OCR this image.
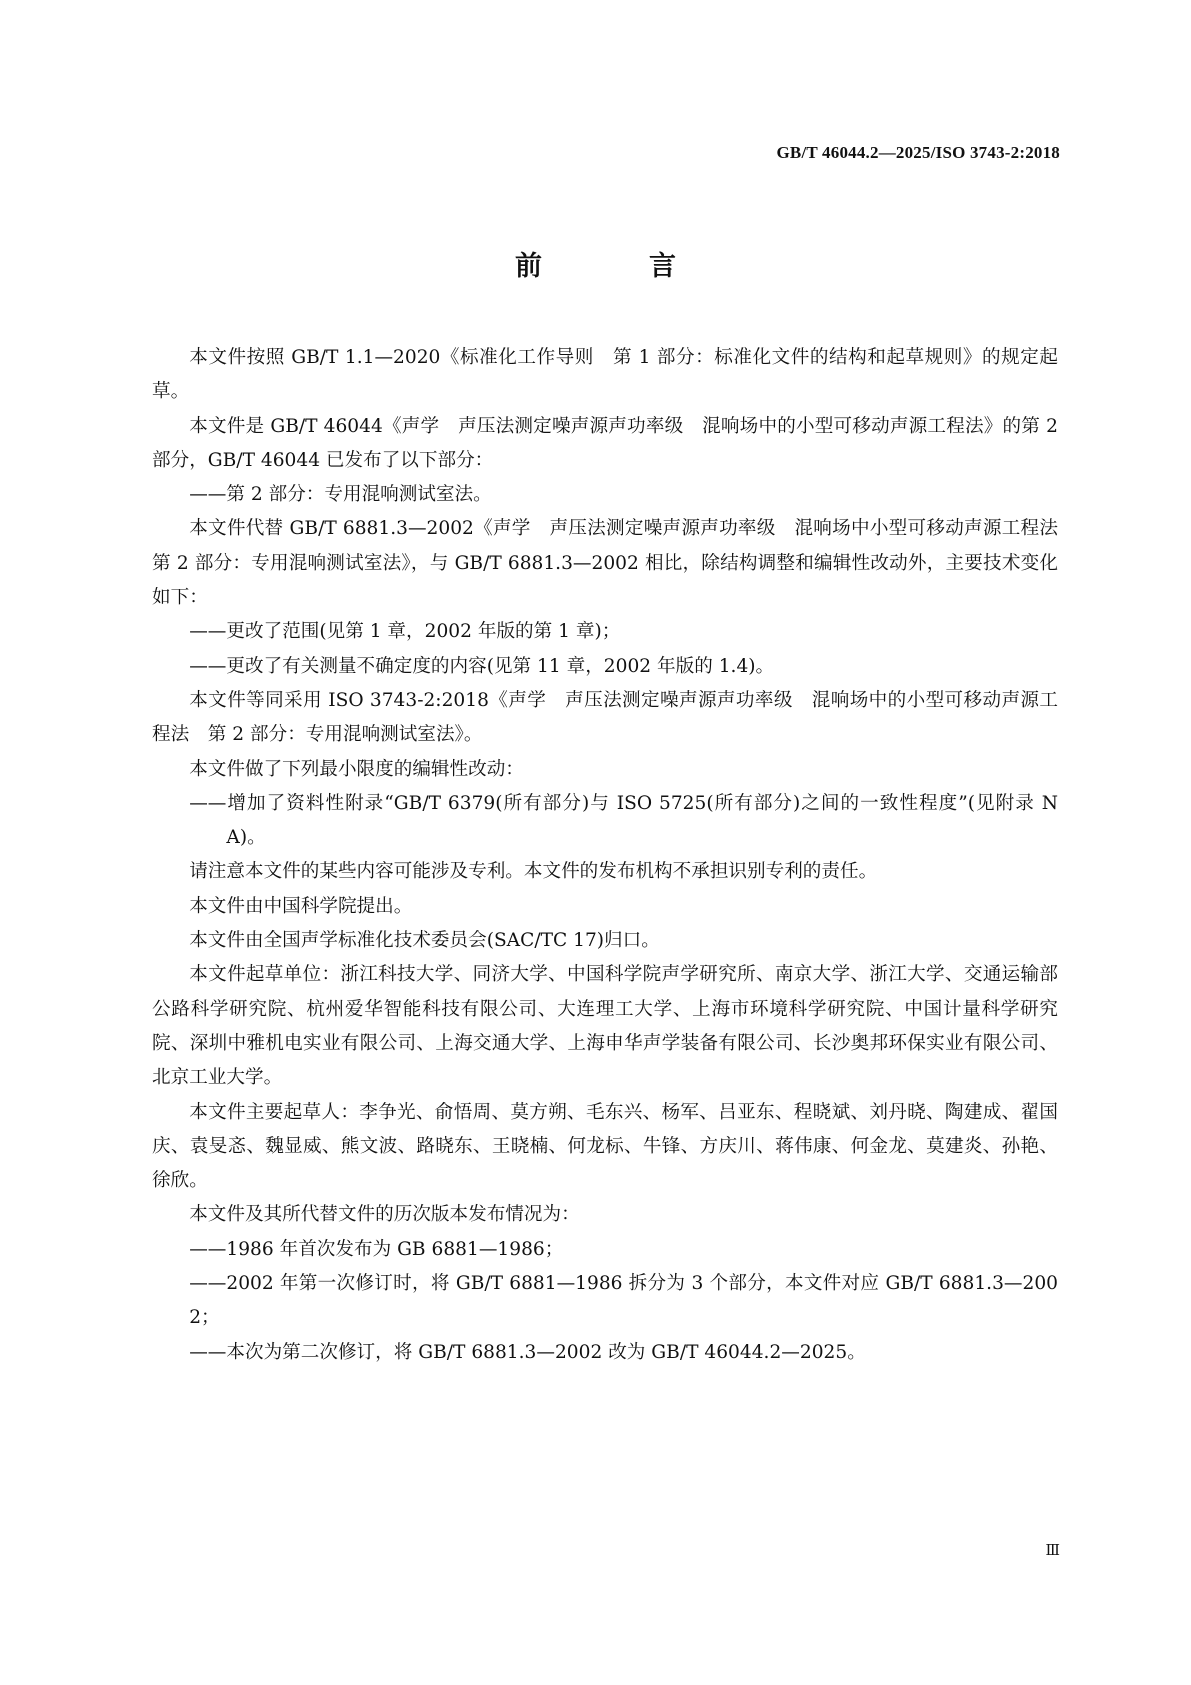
GB/T 46044.2—2025/ISO 3743-2:2018
前　言

本文件按照 GB/T 1.1—2020《标准化工作导则　第 1 部分：标准化文件的结构和起草规则》的规定起草。

本文件是 GB/T 46044《声学　声压法测定噪声源声功率级　混响场中的小型可移动声源工程法》的第 2 部分，GB/T 46044 已发布了以下部分：

——第 2 部分：专用混响测试室法。

本文件代替 GB/T 6881.3—2002《声学　声压法测定噪声源声功率级　混响场中小型可移动声源工程法　第 2 部分：专用混响测试室法》，与 GB/T 6881.3—2002 相比，除结构调整和编辑性改动外，主要技术变化如下：

——更改了范围(见第 1 章，2002 年版的第 1 章)；

——更改了有关测量不确定度的内容(见第 11 章，2002 年版的 1.4)。

本文件等同采用 ISO 3743-2:2018《声学　声压法测定噪声源声功率级　混响场中的小型可移动声源工程法　第 2 部分：专用混响测试室法》。

本文件做了下列最小限度的编辑性改动：

——增加了资料性附录“GB/T 6379(所有部分)与 ISO 5725(所有部分)之间的一致性程度”(见附录 NA)。

请注意本文件的某些内容可能涉及专利。本文件的发布机构不承担识别专利的责任。

本文件由中国科学院提出。

本文件由全国声学标准化技术委员会(SAC/TC 17)归口。

本文件起草单位：浙江科技大学、同济大学、中国科学院声学研究所、南京大学、浙江大学、交通运输部公路科学研究院、杭州爱华智能科技有限公司、大连理工大学、上海市环境科学研究院、中国计量科学研究院、深圳中雅机电实业有限公司、上海交通大学、上海申华声学装备有限公司、长沙奥邦环保实业有限公司、北京工业大学。

本文件主要起草人：李争光、俞悟周、莫方朔、毛东兴、杨军、吕亚东、程晓斌、刘丹晓、陶建成、翟国庆、袁旻忞、魏显威、熊文波、路晓东、王晓楠、何龙标、牛锋、方庆川、蒋伟康、何金龙、莫建炎、孙艳、徐欣。

本文件及其所代替文件的历次版本发布情况为：

——1986 年首次发布为 GB 6881—1986；

——2002 年第一次修订时，将 GB/T 6881—1986 拆分为 3 个部分，本文件对应 GB/T 6881.3—2002；

——本次为第二次修订，将 GB/T 6881.3—2002 改为 GB/T 46044.2—2025。

Ⅲ
